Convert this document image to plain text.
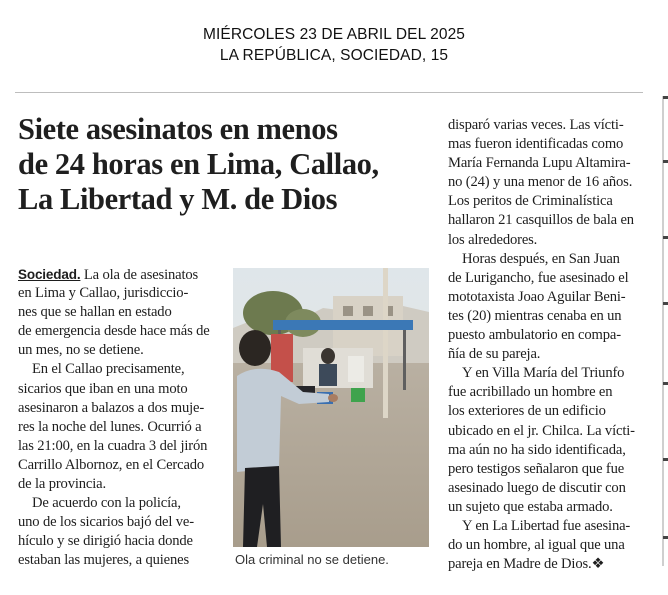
MIÉRCOLES 23 DE ABRIL DEL 2025
LA REPÚBLICA, SOCIEDAD, 15
Siete asesinatos en menos
de 24 horas en Lima, Callao,
La Libertad y M. de Dios
Sociedad. La ola de asesinatos
en Lima y Callao, jurisdiccio-
nes que se hallan en estado
de emergencia desde hace más de
un mes, no se detiene.
En el Callao precisamente,
sicarios que iban en una moto
asesinaron a balazos a dos muje-
res la noche del lunes. Ocurrió a
las 21:00, en la cuadra 3 del jirón
Carrillo Albornoz, en el Cercado
de la provincia.
De acuerdo con la policía,
uno de los sicarios bajó del ve-
hículo y se dirigió hacia donde
estaban las mujeres, a quienes	Ola criminal no se detiene.
disparó varias veces. Las vícti-
mas fueron identificadas como
María Fernanda Lupu Altamira-
no (24) y una menor de 16 años.
Los peritos de Criminalística
hallaron 21 casquillos de bala en
los alrededores.
Horas después, en San Juan
de Lurigancho, fue asesinado el
mototaxista Joao Aguilar Beni-
tes (20) mientras cenaba en un
puesto ambulatorio en compa-
ñía de su pareja.
Y en Villa María del Triunfo
fue acribillado un hombre en
los exteriores de un edificio
ubicado en el jr. Chilca. La vícti-
ma aún no ha sido identificada,
pero testigos señalaron que fue
asesinado luego de discutir con
un sujeto que estaba armado.
Y en La Libertad fue asesina-
do un hombre, al igual que una
pareja en Madre de Dios.❖
